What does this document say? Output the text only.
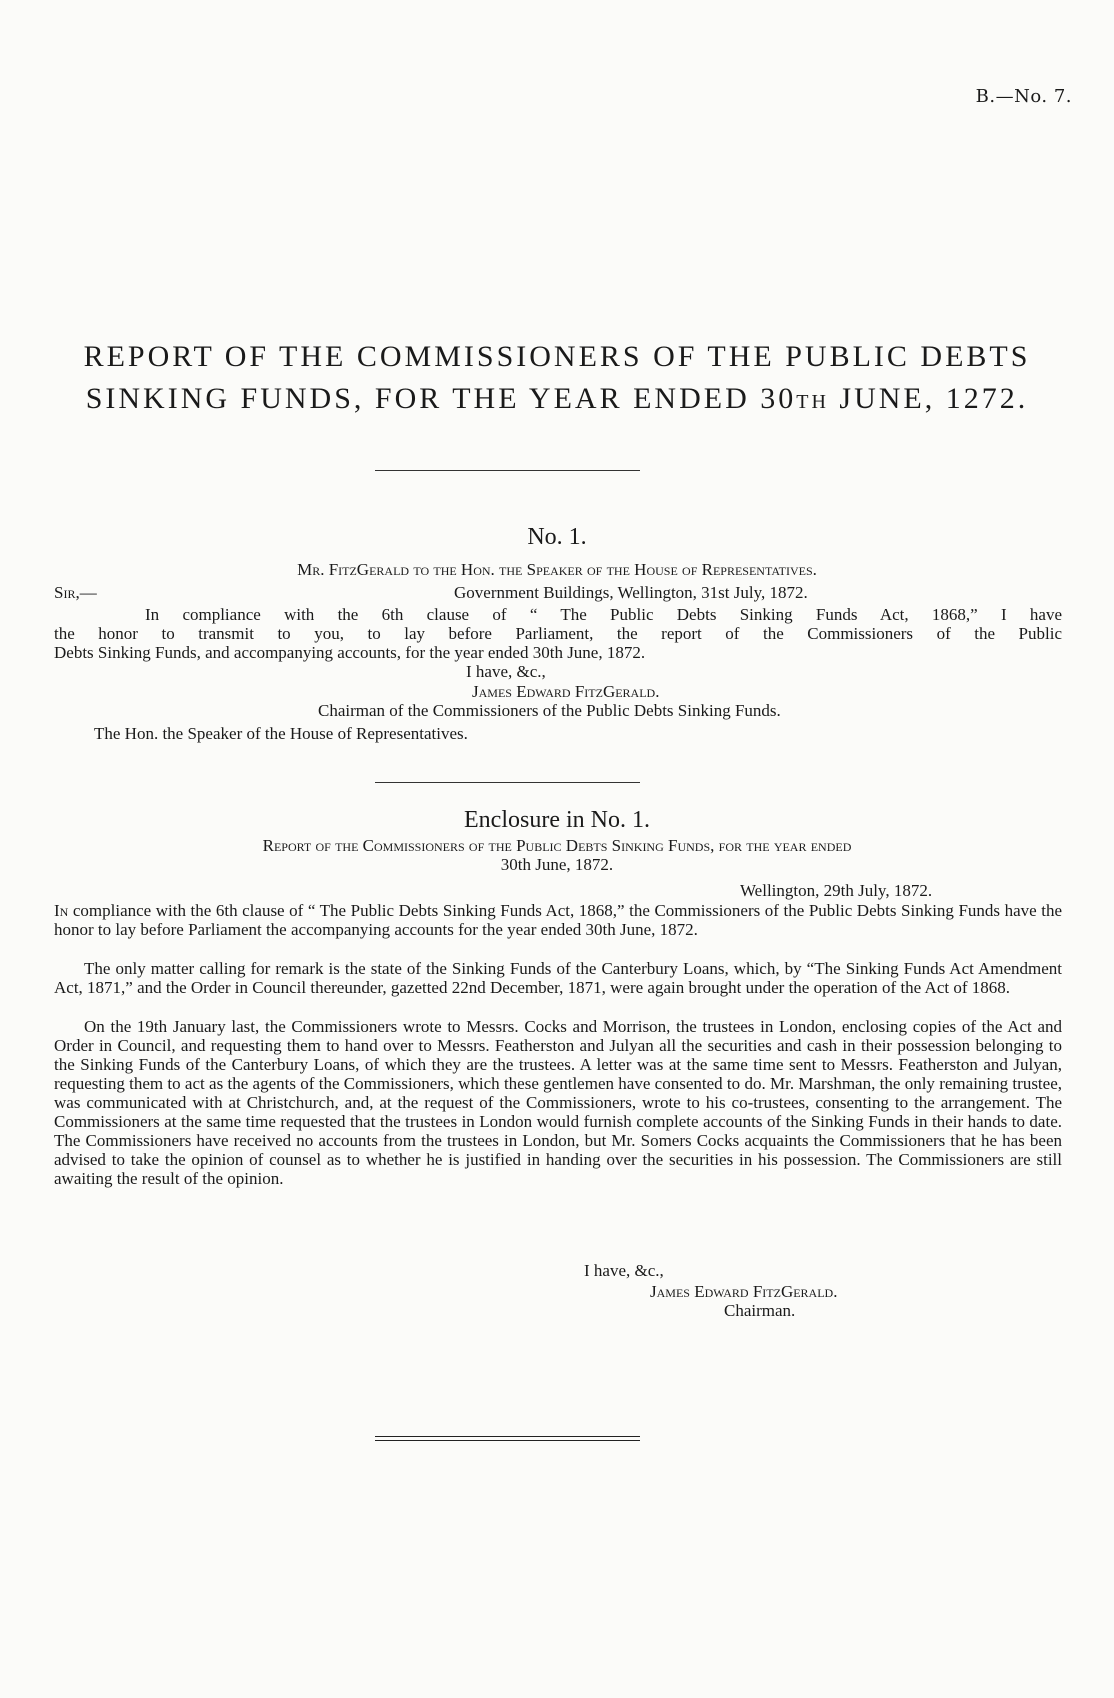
B.—No. 7.
REPORT OF THE COMMISSIONERS OF THE PUBLIC DEBTS
SINKING FUNDS, FOR THE YEAR ENDED 30TH JUNE, 1272.
No. 1.
Mr. FitzGerald to the Hon. the Speaker of the House of Representatives.
Sir,—	Government Buildings, Wellington, 31st July, 1872.
In compliance with the 6th clause of “ The Public Debts Sinking Funds Act, 1868,” I have
the honor to transmit to you, to lay before Parliament, the report of the Commissioners of the Public
Debts Sinking Funds, and accompanying accounts, for the year ended 30th June, 1872.
I have, &c.,
James Edward FitzGerald.
Chairman of the Commissioners of the Public Debts Sinking Funds.
The Hon. the Speaker of the House of Representatives.
Enclosure in No. 1.
Report of the Commissioners of the Public Debts Sinking Funds, for the year ended
30th June, 1872.
Wellington, 29th July, 1872.
In compliance with the 6th clause of “ The Public Debts Sinking Funds Act, 1868,” the Commissioners of the Public Debts Sinking Funds have the honor to lay before Parliament the accompanying accounts for the year ended 30th June, 1872.
The only matter calling for remark is the state of the Sinking Funds of the Canterbury Loans, which, by “The Sinking Funds Act Amendment Act, 1871,” and the Order in Council thereunder, gazetted 22nd December, 1871, were again brought under the operation of the Act of 1868.
On the 19th January last, the Commissioners wrote to Messrs. Cocks and Morrison, the trustees in London, enclosing copies of the Act and Order in Council, and requesting them to hand over to Messrs. Featherston and Julyan all the securities and cash in their possession belonging to the Sinking Funds of the Canterbury Loans, of which they are the trustees. A letter was at the same time sent to Messrs. Featherston and Julyan, requesting them to act as the agents of the Commissioners, which these gentlemen have consented to do. Mr. Marshman, the only remaining trustee, was communicated with at Christchurch, and, at the request of the Commissioners, wrote to his co-trustees, consenting to the arrangement. The Commissioners at the same time requested that the trustees in London would furnish complete accounts of the Sinking Funds in their hands to date. The Commissioners have received no accounts from the trustees in London, but Mr. Somers Cocks acquaints the Commissioners that he has been advised to take the opinion of counsel as to whether he is justified in handing over the securities in his possession. The Commissioners are still awaiting the result of the opinion.
I have, &c.,
James Edward FitzGerald.
Chairman.
